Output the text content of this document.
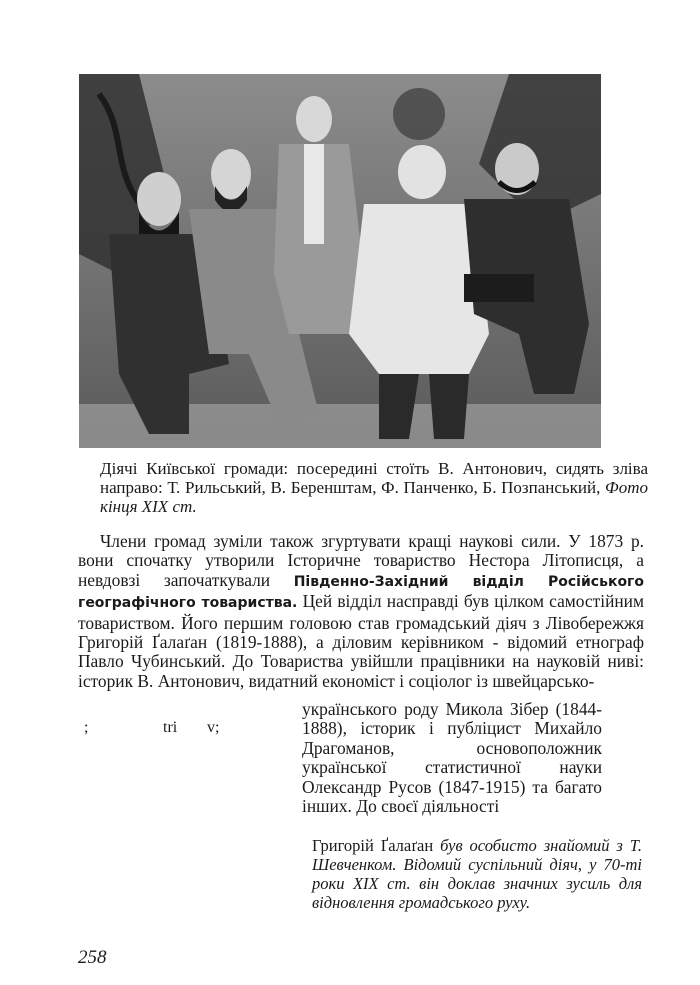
Діячі Київської громади: посередині стоїть В. Антонович, сидять зліва направо: Т. Рильський, В. Беренштам, Ф. Панченко, Б. Позпанський, Фото кінця XIX ст.
Члени громад зуміли також згуртувати кращі наукові сили. У 1873 р. вони спочатку утворили Історичне товариство Нестора Літописця, а невдовзі започаткували Південно-Західний відділ Російського географічного товариства. Цей відділ насправді був цілком самостійним товариством. Його першим головою став громадський діяч з Лівобережжя Григорій Ґалаґан (1819-1888), а діловим керівником - відомий етнограф Павло Чубинський. До Товариства увійшли працівники на науковій ниві: історик В. Антонович, видатний економіст і соціолог із швейцарсько-
українського роду Микола Зібер (1844-1888), історик і публіцист Михайло Драгоманов, основоположник української статистичної науки Олександр Русов (1847-1915) та багато інших. До своєї діяльності
;	tri v;
Григорій Ґалаґан був особисто знайомий з Т. Шевченком. Відомий суспільний діяч, у 70-ті роки XIX ст. він доклав значних зусиль для відновлення громадського руху.
258
